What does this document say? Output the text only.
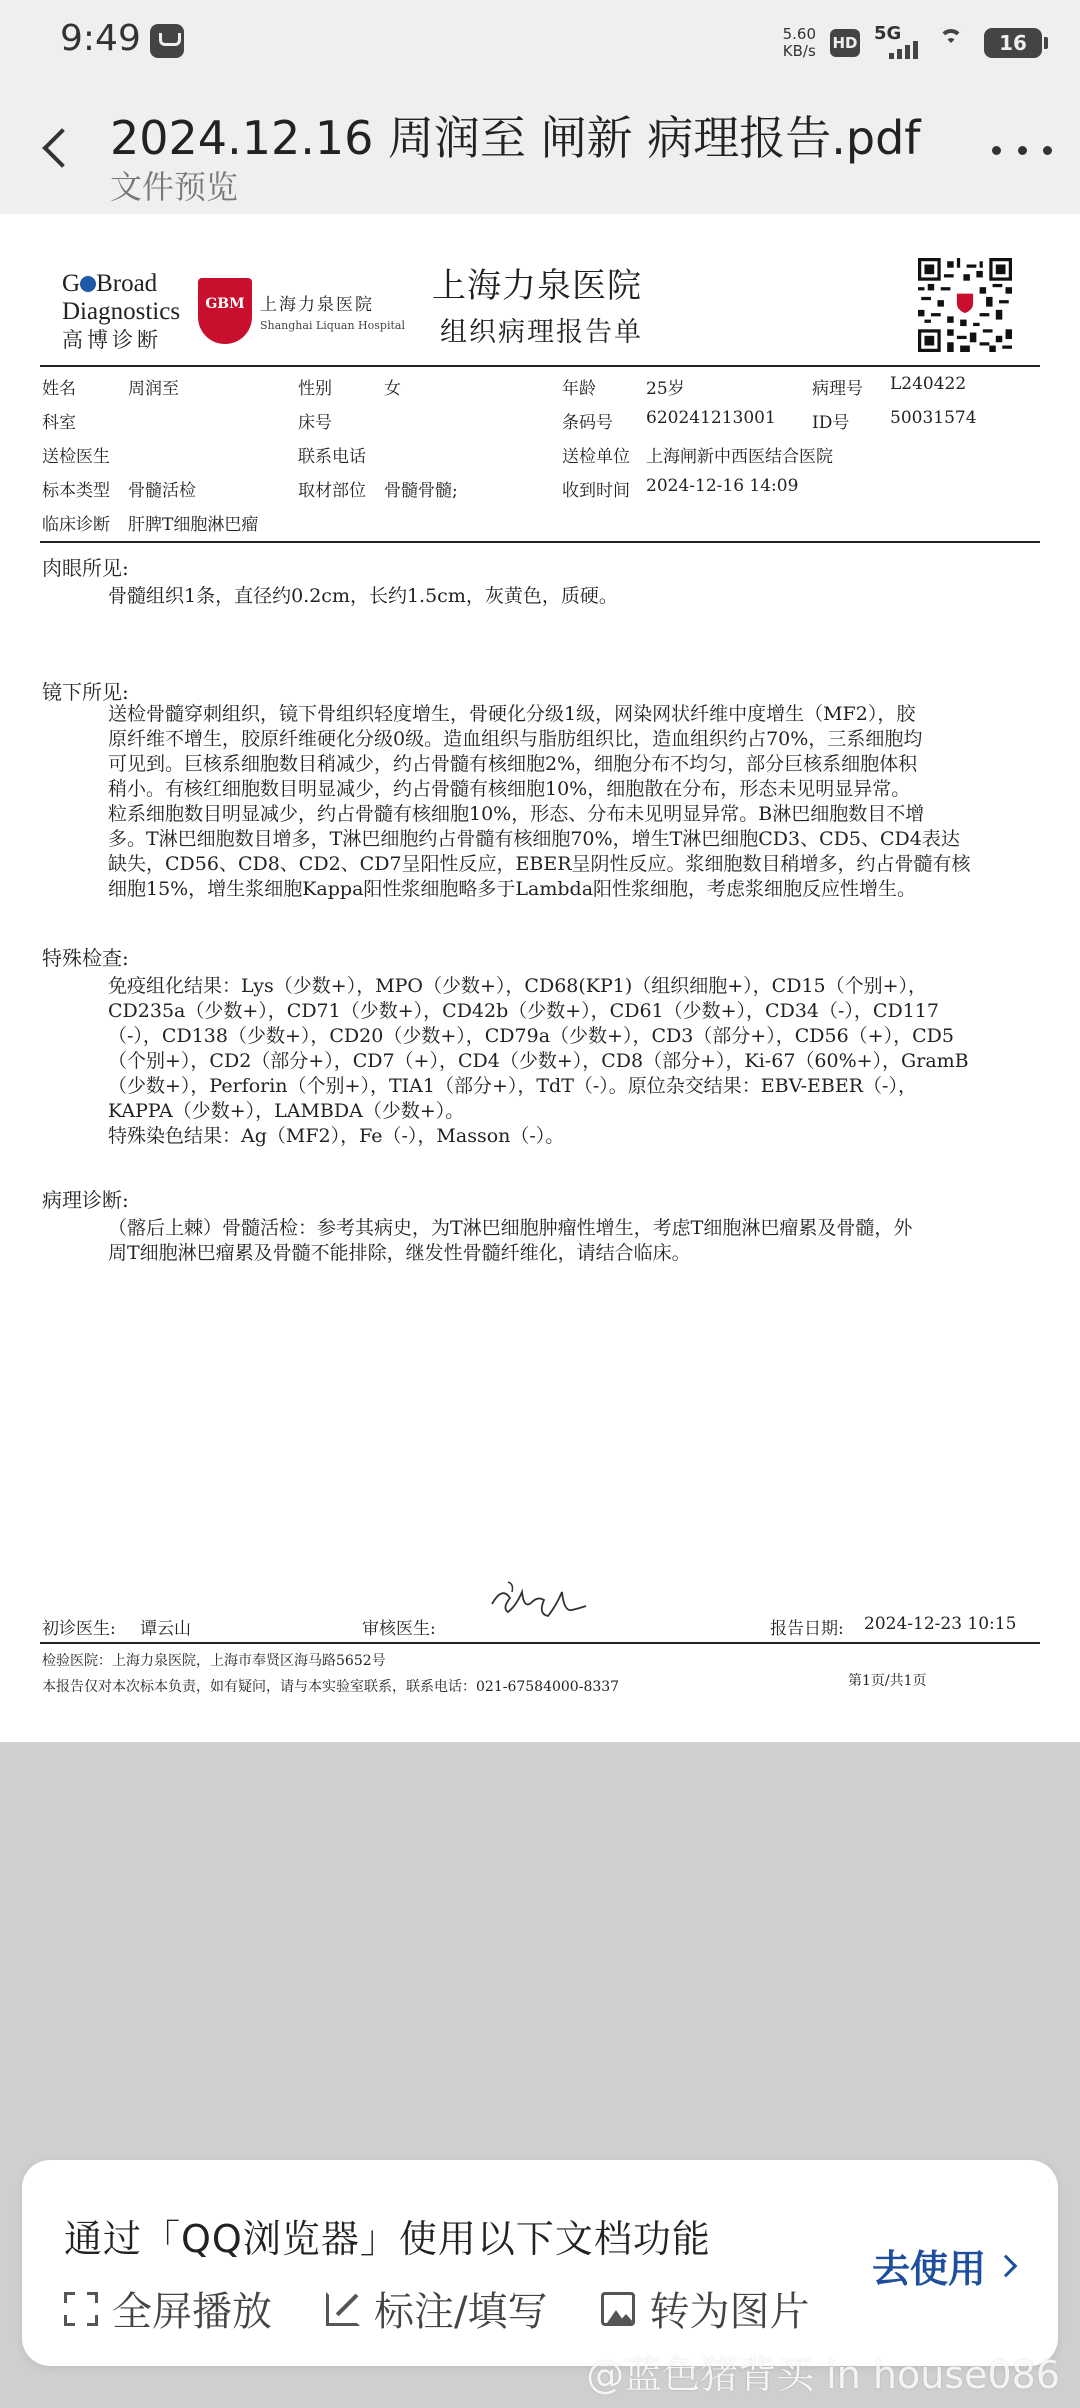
9:49	5.60
KB/s HD 5G	16
2024.12.16 周润至 闸新 病理报告.pdf
文件预览
G Broad
Diagnostics
高博诊断
GBM 上海力泉医院
Shanghai Liquan Hospital
上海力泉医院
组织病理报告单
姓名	周润至	性别	女	年龄	25岁	病理号 L240422
科室	床号	条码号 620241213001 ID号 50031574
送检医生	联系电话	送检单位 上海闸新中西医结合医院
标本类型 骨髓活检	取材部位 骨髓骨髓;	收到时间 2024-12-16 14:09
临床诊断 肝脾T细胞淋巴瘤
肉眼所见:
骨髓组织1条，直径约0.2cm，长约1.5cm，灰黄色，质硬。
镜下所见:
送检骨髓穿刺组织，镜下骨组织轻度增生，骨硬化分级1级，网染网状纤维中度增生（MF2），胶
原纤维不增生，胶原纤维硬化分级0级。造血组织与脂肪组织比，造血组织约占70%，三系细胞均
可见到。巨核系细胞数目稍减少，约占骨髓有核细胞2%，细胞分布不均匀，部分巨核系细胞体积
稍小。有核红细胞数目明显减少，约占骨髓有核细胞10%，细胞散在分布，形态未见明显异常。
粒系细胞数目明显减少，约占骨髓有核细胞10%，形态、分布未见明显异常。B淋巴细胞数目不增
多。T淋巴细胞数目增多，T淋巴细胞约占骨髓有核细胞70%，增生T淋巴细胞CD3、CD5、CD4表达
缺失，CD56、CD8、CD2、CD7呈阳性反应，EBER呈阴性反应。浆细胞数目稍增多，约占骨髓有核
细胞15%，增生浆细胞Kappa阳性浆细胞略多于Lambda阳性浆细胞，考虑浆细胞反应性增生。
特殊检查:
免疫组化结果：Lys（少数+），MPO（少数+），CD68(KP1)（组织细胞+），CD15（个别+），
CD235a（少数+），CD71（少数+），CD42b（少数+），CD61（少数+），CD34（-），CD117
（-），CD138（少数+），CD20（少数+），CD79a（少数+），CD3（部分+），CD56（+），CD5
（个别+），CD2（部分+），CD7（+），CD4（少数+），CD8（部分+），Ki-67（60%+），GramB
（少数+），Perforin（个别+），TIA1（部分+），TdT（-）。原位杂交结果：EBV-EBER（-），
KAPPA（少数+），LAMBDA（少数+）。
特殊染色结果：Ag（MF2），Fe（-），Masson（-）。
病理诊断:
（髂后上棘）骨髓活检：参考其病史，为T淋巴细胞肿瘤性增生，考虑T细胞淋巴瘤累及骨髓，外
周T细胞淋巴瘤累及骨髓不能排除，继发性骨髓纤维化，请结合临床。
初诊医生: 谭云山	审核医生:	报告日期: 2024-12-23 10:15
检验医院：上海力泉医院，上海市奉贤区海马路5652号
本报告仅对本次标本负责，如有疑问，请与本实验室联系，联系电话：021-67584000-8337	第1页/共1页
通过「QQ浏览器」使用以下文档功能
全屏播放	标注/填写	转为图片
去使用
@蓝色猪背买 in house086
